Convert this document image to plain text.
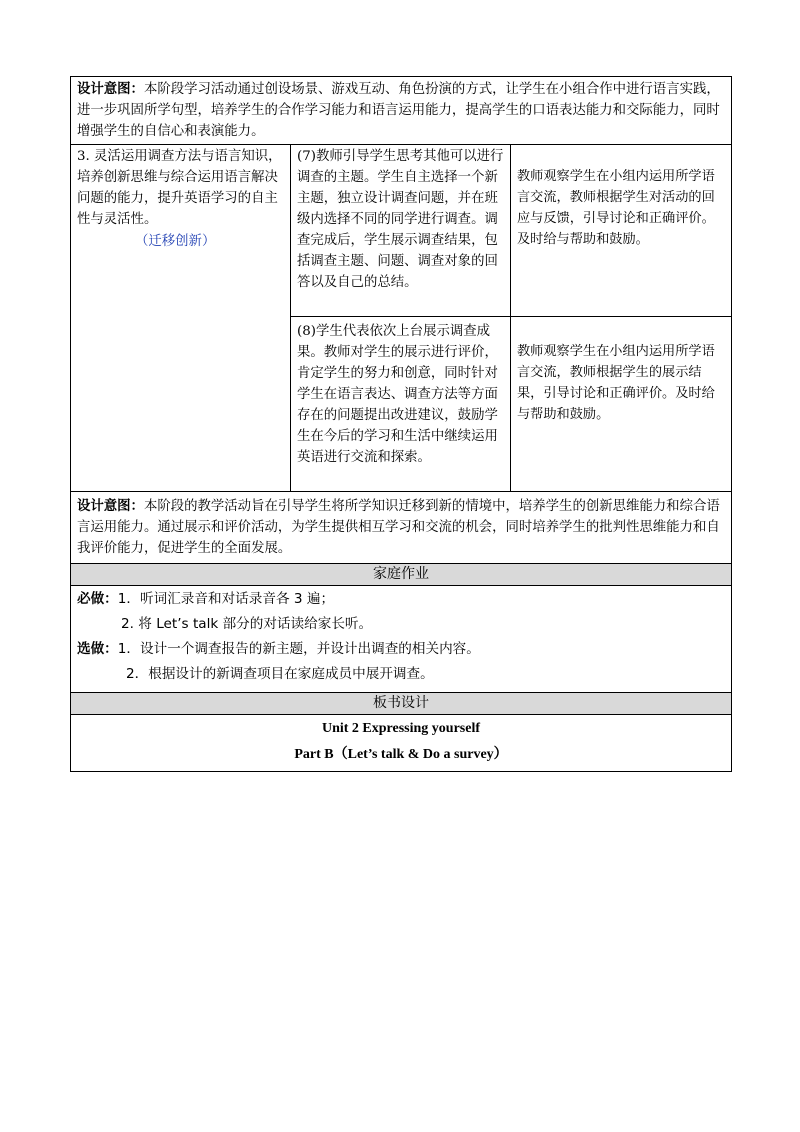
设计意图：本阶段学习活动通过创设场景、游戏互动、角色扮演的方式，让学生在小组合作中进行语言实践，进一步巩固所学句型，培养学生的合作学习能力和语言运用能力，提高学生的口语表达能力和交际能力，同时增强学生的自信心和表演能力。		

3. 灵活运用调查方法与语言知识，培养创新思维与综合运用语言解决问题的能力，提升英语学习的自主性与灵活性。
（迁移创新）	(7)教师引导学生思考其他可以进行调查的主题。学生自主选择一个新主题，独立设计调查问题，并在班级内选择不同的同学进行调查。调查完成后，学生展示调查结果，包括调查主题、问题、调查对象的回答以及自己的总结。	教师观察学生在小组内运用所学语言交流，教师根据学生对活动的回应与反馈，引导讨论和正确评价。及时给与帮助和鼓励。
	(8)学生代表依次上台展示调查成果。教师对学生的展示进行评价，肯定学生的努力和创意，同时针对学生在语言表达、调查方法等方面存在的问题提出改进建议，鼓励学生在今后的学习和生活中继续运用英语进行交流和探索。	教师观察学生在小组内运用所学语言交流，教师根据学生的展示结果，引导讨论和正确评价。及时给与帮助和鼓励。
设计意图：本阶段的教学活动旨在引导学生将所学知识迁移到新的情境中，培养学生的创新思维能力和综合语言运用能力。通过展示和评价活动，为学生提供相互学习和交流的机会，同时培养学生的批判性思维能力和自我评价能力，促进学生的全面发展。		
家庭作业		

必做：1．听词汇录音和对话录音各 3 遍；
2. 将 Let’s talk 部分的对话读给家长听。
选做：1．设计一个调查报告的新主题，并设计出调查的相关内容。
2．根据设计的新调查项目在家庭成员中展开调查。		

板书设计		

Unit 2 Expressing yourself
Part B（Let’s talk & Do a survey）		
